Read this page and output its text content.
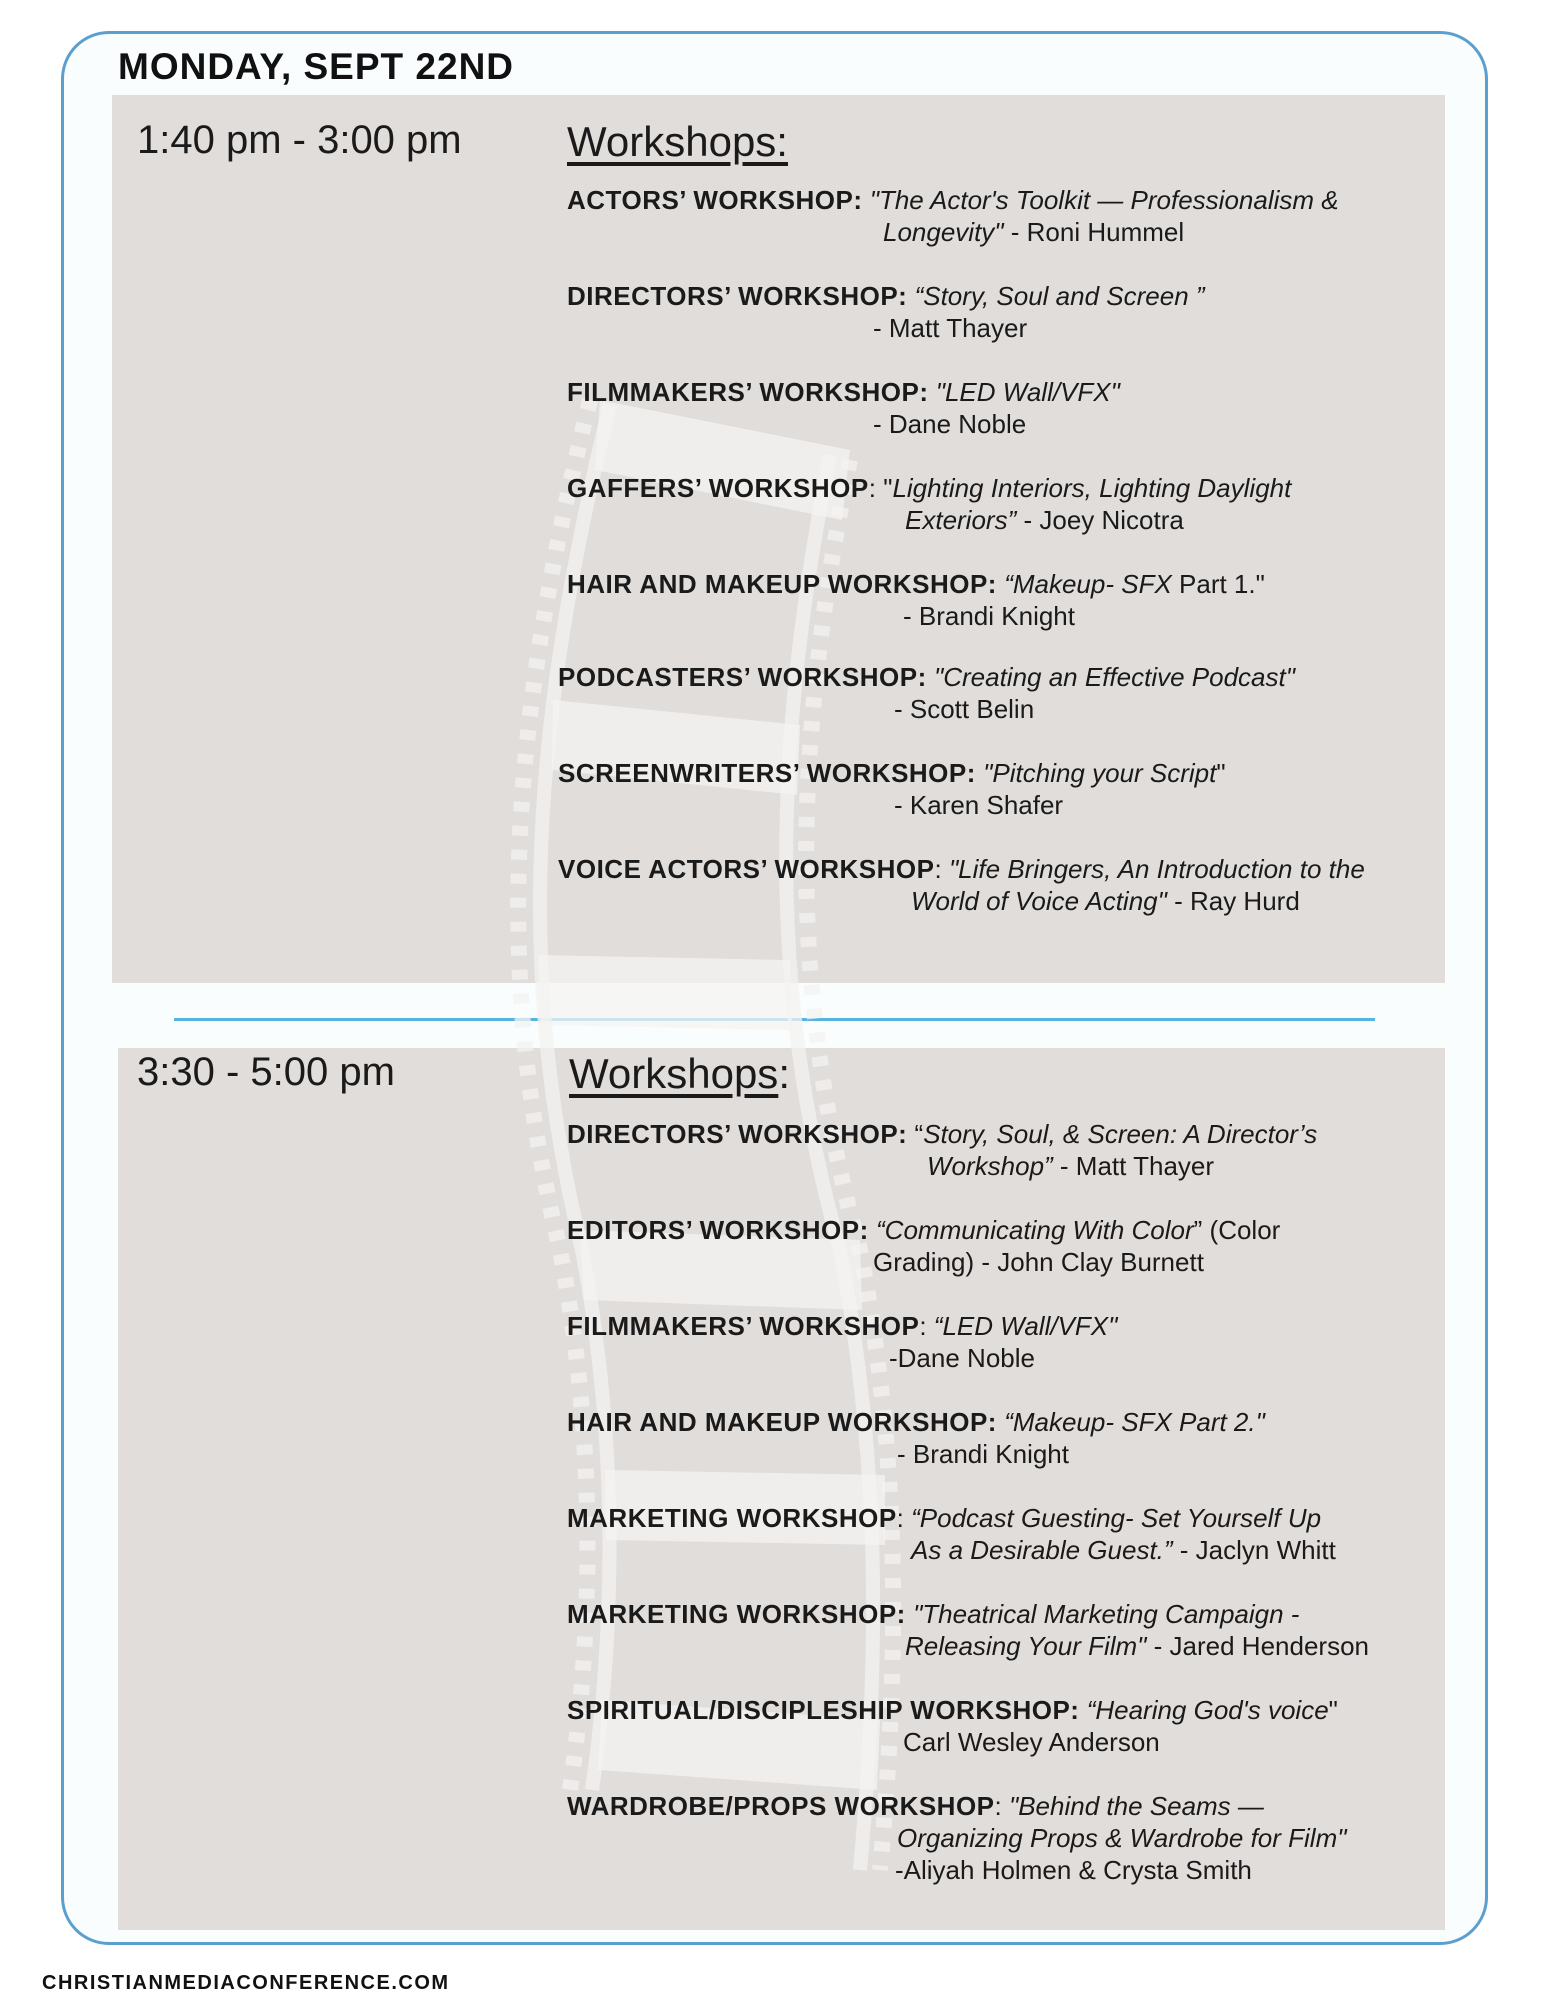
MONDAY, SEPT 22ND
1:40 pm - 3:00 pm	Workshops:
ACTORS’ WORKSHOP: "The Actor's Toolkit — Professionalism &
Longevity" - Roni Hummel
DIRECTORS’ WORKSHOP: “Story, Soul and Screen ”
- Matt Thayer
FILMMAKERS’ WORKSHOP: "LED Wall/VFX"
- Dane Noble
GAFFERS’ WORKSHOP: "Lighting Interiors, Lighting Daylight
Exteriors” - Joey Nicotra
HAIR AND MAKEUP WORKSHOP: “Makeup- SFX Part 1."
- Brandi Knight
PODCASTERS’ WORKSHOP: "Creating an Effective Podcast"
- Scott Belin
SCREENWRITERS’ WORKSHOP: "Pitching your Script"
- Karen Shafer
VOICE ACTORS’ WORKSHOP: "Life Bringers, An Introduction to the
World of Voice Acting" - Ray Hurd
3:30 - 5:00 pm	Workshops:
DIRECTORS’ WORKSHOP: “Story, Soul, & Screen: A Director’s
Workshop” - Matt Thayer
EDITORS’ WORKSHOP: “Communicating With Color” (Color
Grading) - John Clay Burnett
FILMMAKERS’ WORKSHOP: “LED Wall/VFX"
-Dane Noble
HAIR AND MAKEUP WORKSHOP: “Makeup- SFX Part 2."
- Brandi Knight
MARKETING WORKSHOP: “Podcast Guesting- Set Yourself Up
As a Desirable Guest.” - Jaclyn Whitt
MARKETING WORKSHOP: "Theatrical Marketing Campaign -
Releasing Your Film" - Jared Henderson
SPIRITUAL/DISCIPLESHIP WORKSHOP: “Hearing God's voice"
Carl Wesley Anderson
WARDROBE/PROPS WORKSHOP: "Behind the Seams —
Organizing Props & Wardrobe for Film"
-Aliyah Holmen & Crysta Smith
CHRISTIANMEDIACONFERENCE.COM
